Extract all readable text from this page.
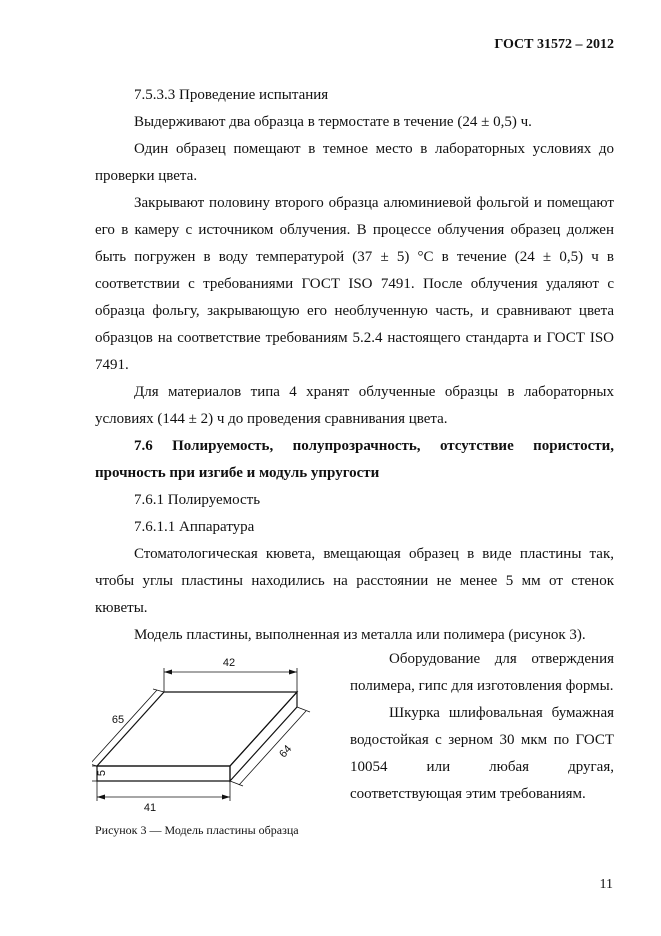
ГОСТ 31572 – 2012

7.5.3.3 Проведение испытания

Выдерживают два образца в термостате в течение (24 ± 0,5) ч.

Один образец помещают в темное место в лабораторных условиях до проверки цвета.

Закрывают половину второго образца алюминиевой фольгой и помещают его в камеру с источником облучения. В процессе облучения образец должен быть погружен в воду температурой (37 ± 5) °С в течение (24 ± 0,5) ч в соответствии с требованиями ГОСТ ISO 7491. После облучения удаляют с образца фольгу, закрывающую его необлученную часть, и сравнивают цвета образцов на соответствие требованиям 5.2.4 настоящего стандарта и ГОСТ ISO 7491.

Для материалов типа 4 хранят облученные образцы в лабораторных условиях (144 ± 2) ч до проведения сравнивания цвета.

7.6 Полируемость, полупрозрачность, отсутствие пористости,

прочность при изгибе и модуль упругости

7.6.1 Полируемость

7.6.1.1 Аппаратура

Стоматологическая кювета, вмещающая образец в виде пластины так, чтобы углы пластины находились на расстоянии не менее 5 мм от стенок кюветы.

Модель пластины, выполненная из металла или полимера (рисунок 3).

Оборудование для отверждения полимера, гипс для изготовления формы.

Шкурка шлифовальная бумажная водостойкая с зерном 30 мкм по ГОСТ 10054 или любая другая, соответствующая этим требованиям.

42
65
64
41
5
Рисунок 3 — Модель пластины образца
11
